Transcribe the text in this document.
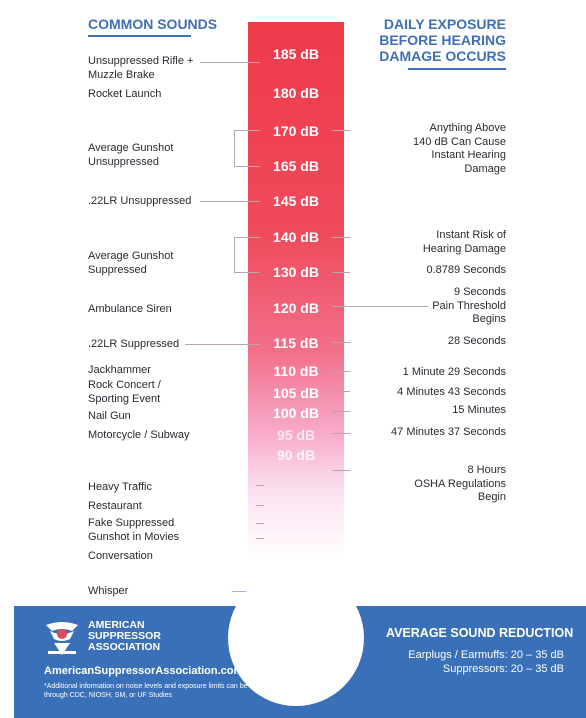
COMMON SOUNDS	DAILY EXPOSURE
BEFORE HEARING
DAMAGE OCCURS
185 dB
180 dB
170 dB
165 dB
145 dB
140 dB
130 dB
120 dB
115 dB
110 dB
105 dB
100 dB
95 dB
90 dB
Unsuppressed Rifle +
Muzzle Brake
Rocket Launch
Average Gunshot
Unsuppressed
.22LR Unsuppressed
Average Gunshot
Suppressed
Ambulance Siren
.22LR Suppressed
Jackhammer
Rock Concert /
Sporting Event
Nail Gun
Motorcycle / Subway
Heavy Traffic
Restaurant
Fake Suppressed
Gunshot in Movies
Conversation
Whisper
Anything Above
140 dB Can Cause
Instant Hearing
Damage
Instant Risk of
Hearing Damage
0.8789 Seconds
9 Seconds
Pain Threshold
Begins
28 Seconds
1 Minute 29 Seconds
4 Minutes 43 Seconds
15 Minutes
47 Minutes 37 Seconds
8 Hours
OSHA Regulations
Begin
AMERICAN
SUPPRESSOR
ASSOCIATION
AmericanSuppressorAssociation.com
*Additional information on noise levels and exposure limits can be found through CDC, NIOSH, SM, or UF Studies
AVERAGE SOUND REDUCTION
Earplugs / Earmuffs: 20 – 35 dB
Suppressors: 20 – 35 dB
